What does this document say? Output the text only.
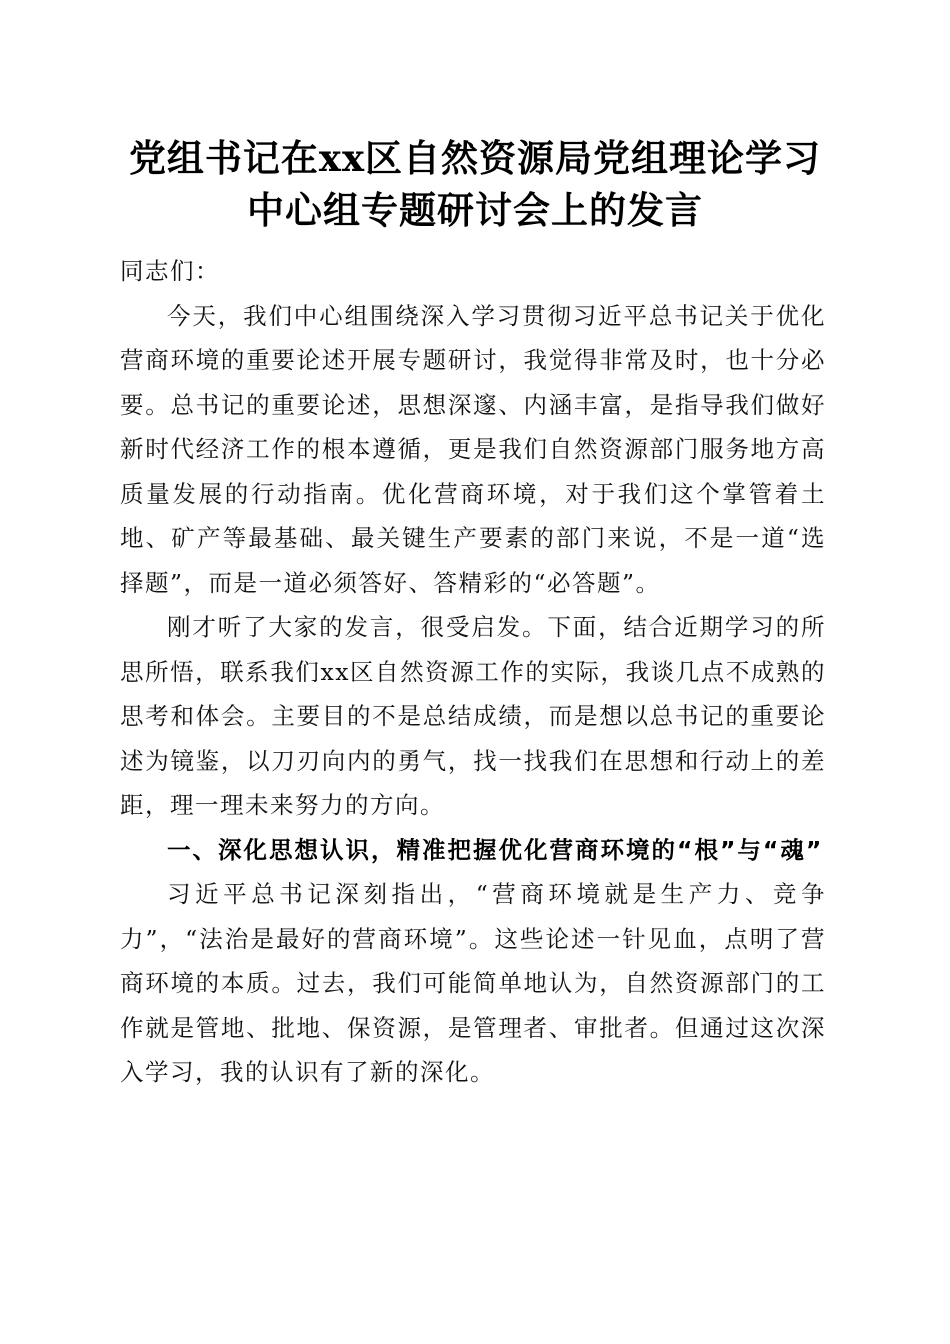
党组书记在xx区自然资源局党组理论学习中心组专题研讨会上的发言

同志们：

今天，我们中心组围绕深入学习贯彻习近平总书记关于优化营商环境的重要论述开展专题研讨，我觉得非常及时，也十分必要。总书记的重要论述，思想深邃、内涵丰富，是指导我们做好新时代经济工作的根本遵循，更是我们自然资源部门服务地方高质量发展的行动指南。优化营商环境，对于我们这个掌管着土地、矿产等最基础、最关键生产要素的部门来说，不是一道“选择题”，而是一道必须答好、答精彩的“必答题”。

刚才听了大家的发言，很受启发。下面，结合近期学习的所思所悟，联系我们xx区自然资源工作的实际，我谈几点不成熟的思考和体会。主要目的不是总结成绩，而是想以总书记的重要论述为镜鉴，以刀刃向内的勇气，找一找我们在思想和行动上的差距，理一理未来努力的方向。

一、深化思想认识，精准把握优化营商环境的“根”与“魂”

习近平总书记深刻指出，“营商环境就是生产力、竞争力”，“法治是最好的营商环境”。这些论述一针见血，点明了营商环境的本质。过去，我们可能简单地认为，自然资源部门的工作就是管地、批地、保资源，是管理者、审批者。但通过这次深入学习，我的认识有了新的深化。
